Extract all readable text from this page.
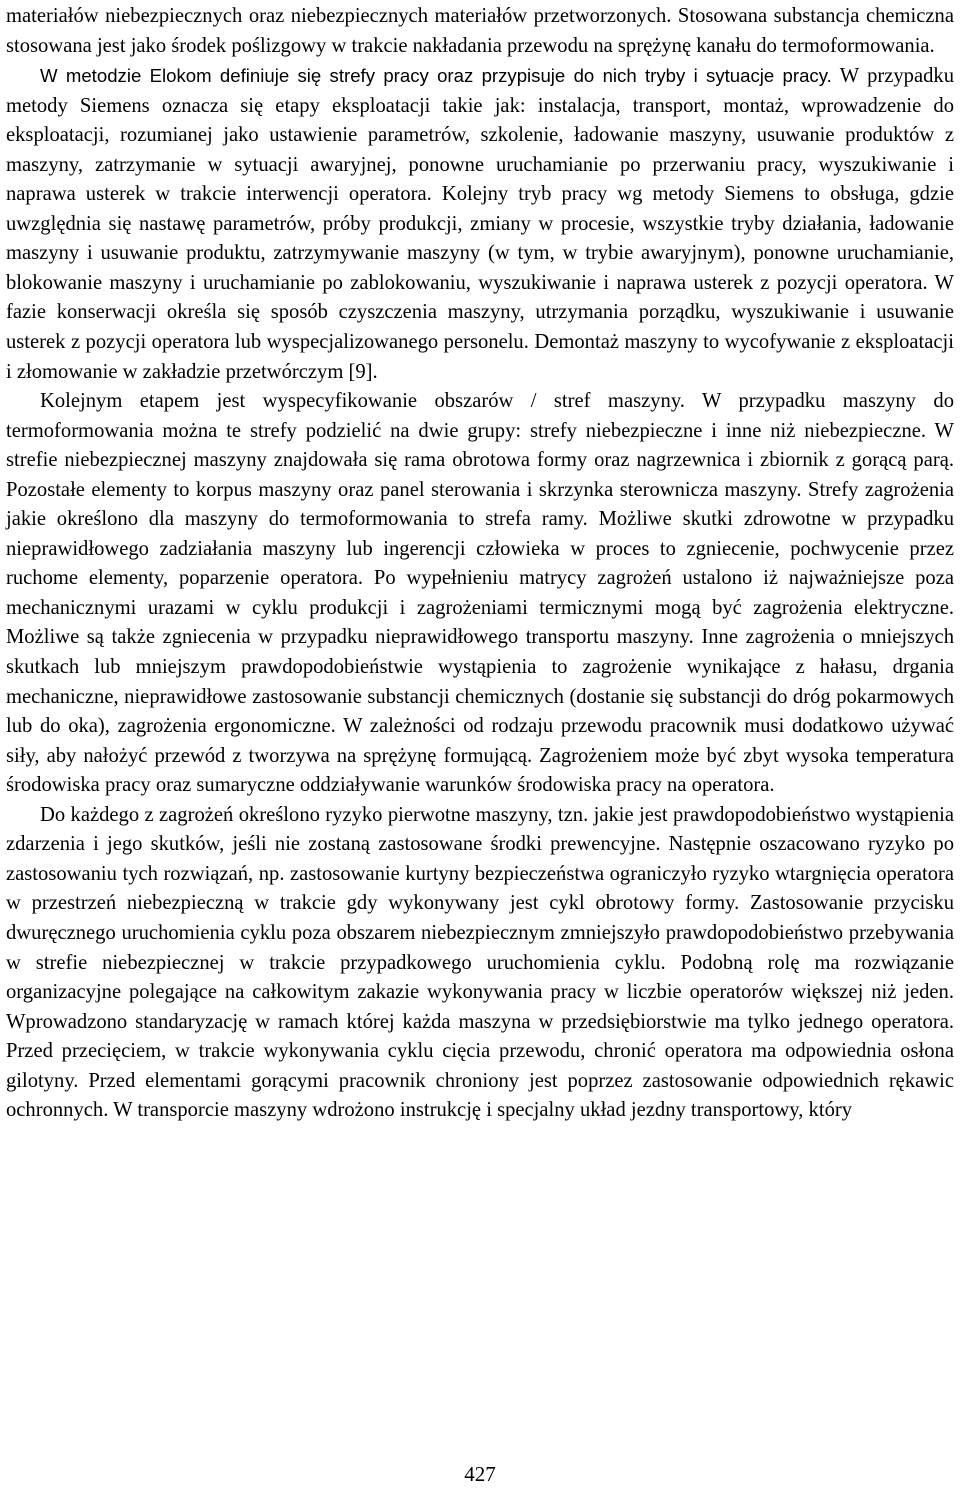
materiałów niebezpiecznych oraz niebezpiecznych materiałów przetworzonych. Stosowana substancja chemiczna stosowana jest jako środek poślizgowy w trakcie nakładania przewodu na sprężynę kanału do termoformowania.

W metodzie Elokom definiuje się strefy pracy oraz przypisuje do nich tryby i sytuacje pracy. W przypadku metody Siemens oznacza się etapy eksploatacji takie jak: instalacja, transport, montaż, wprowadzenie do eksploatacji, rozumianej jako ustawienie parametrów, szkolenie, ładowanie maszyny, usuwanie produktów z maszyny, zatrzymanie w sytuacji awaryjnej, ponowne uruchamianie po przerwaniu pracy, wyszukiwanie i naprawa usterek w trakcie interwencji operatora. Kolejny tryb pracy wg metody Siemens to obsługa, gdzie uwzględnia się nastawę parametrów, próby produkcji, zmiany w procesie, wszystkie tryby działania, ładowanie maszyny i usuwanie produktu, zatrzymywanie maszyny (w tym, w trybie awaryjnym), ponowne uruchamianie, blokowanie maszyny i uruchamianie po zablokowaniu, wyszukiwanie i naprawa usterek z pozycji operatora. W fazie konserwacji określa się sposób czyszczenia maszyny, utrzymania porządku, wyszukiwanie i usuwanie usterek z pozycji operatora lub wyspecjalizowanego personelu. Demontaż maszyny to wycofywanie z eksploatacji i złomowanie w zakładzie przetwórczym [9].

Kolejnym etapem jest wyspecyfikowanie obszarów / stref maszyny. W przypadku maszyny do termoformowania można te strefy podzielić na dwie grupy: strefy niebezpieczne i inne niż niebezpieczne. W strefie niebezpiecznej maszyny znajdowała się rama obrotowa formy oraz nagrzewnica i zbiornik z gorącą parą. Pozostałe elementy to korpus maszyny oraz panel sterowania i skrzynka sterownicza maszyny. Strefy zagrożenia jakie określono dla maszyny do termoformowania to strefa ramy. Możliwe skutki zdrowotne w przypadku nieprawidłowego zadziałania maszyny lub ingerencji człowieka w proces to zgniecenie, pochwycenie przez ruchome elementy, poparzenie operatora. Po wypełnieniu matrycy zagrożeń ustalono iż najważniejsze poza mechanicznymi urazami w cyklu produkcji i zagrożeniami termicznymi mogą być zagrożenia elektryczne. Możliwe są także zgniecenia w przypadku nieprawidłowego transportu maszyny. Inne zagrożenia o mniejszych skutkach lub mniejszym prawdopodobieństwie wystąpienia to zagrożenie wynikające z hałasu, drgania mechaniczne, nieprawidłowe zastosowanie substancji chemicznych (dostanie się substancji do dróg pokarmowych lub do oka), zagrożenia ergonomiczne. W zależności od rodzaju przewodu pracownik musi dodatkowo używać siły, aby nałożyć przewód z tworzywa na sprężynę formującą. Zagrożeniem może być zbyt wysoka temperatura środowiska pracy oraz sumaryczne oddziaływanie warunków środowiska pracy na operatora.

Do każdego z zagrożeń określono ryzyko pierwotne maszyny, tzn. jakie jest prawdopodobieństwo wystąpienia zdarzenia i jego skutków, jeśli nie zostaną zastosowane środki prewencyjne. Następnie oszacowano ryzyko po zastosowaniu tych rozwiązań, np. zastosowanie kurtyny bezpieczeństwa ograniczyło ryzyko wtargnięcia operatora w przestrzeń niebezpieczną w trakcie gdy wykonywany jest cykl obrotowy formy. Zastosowanie przycisku dwuręcznego uruchomienia cyklu poza obszarem niebezpiecznym zmniejszyło prawdopodobieństwo przebywania w strefie niebezpiecznej w trakcie przypadkowego uruchomienia cyklu. Podobną rolę ma rozwiązanie organizacyjne polegające na całkowitym zakazie wykonywania pracy w liczbie operatorów większej niż jeden. Wprowadzono standaryzację w ramach której każda maszyna w przedsiębiorstwie ma tylko jednego operatora. Przed przecięciem, w trakcie wykonywania cyklu cięcia przewodu, chronić operatora ma odpowiednia osłona gilotyny. Przed elementami gorącymi pracownik chroniony jest poprzez zastosowanie odpowiednich rękawic ochronnych. W transporcie maszyny wdrożono instrukcję i specjalny układ jezdny transportowy, który

427
